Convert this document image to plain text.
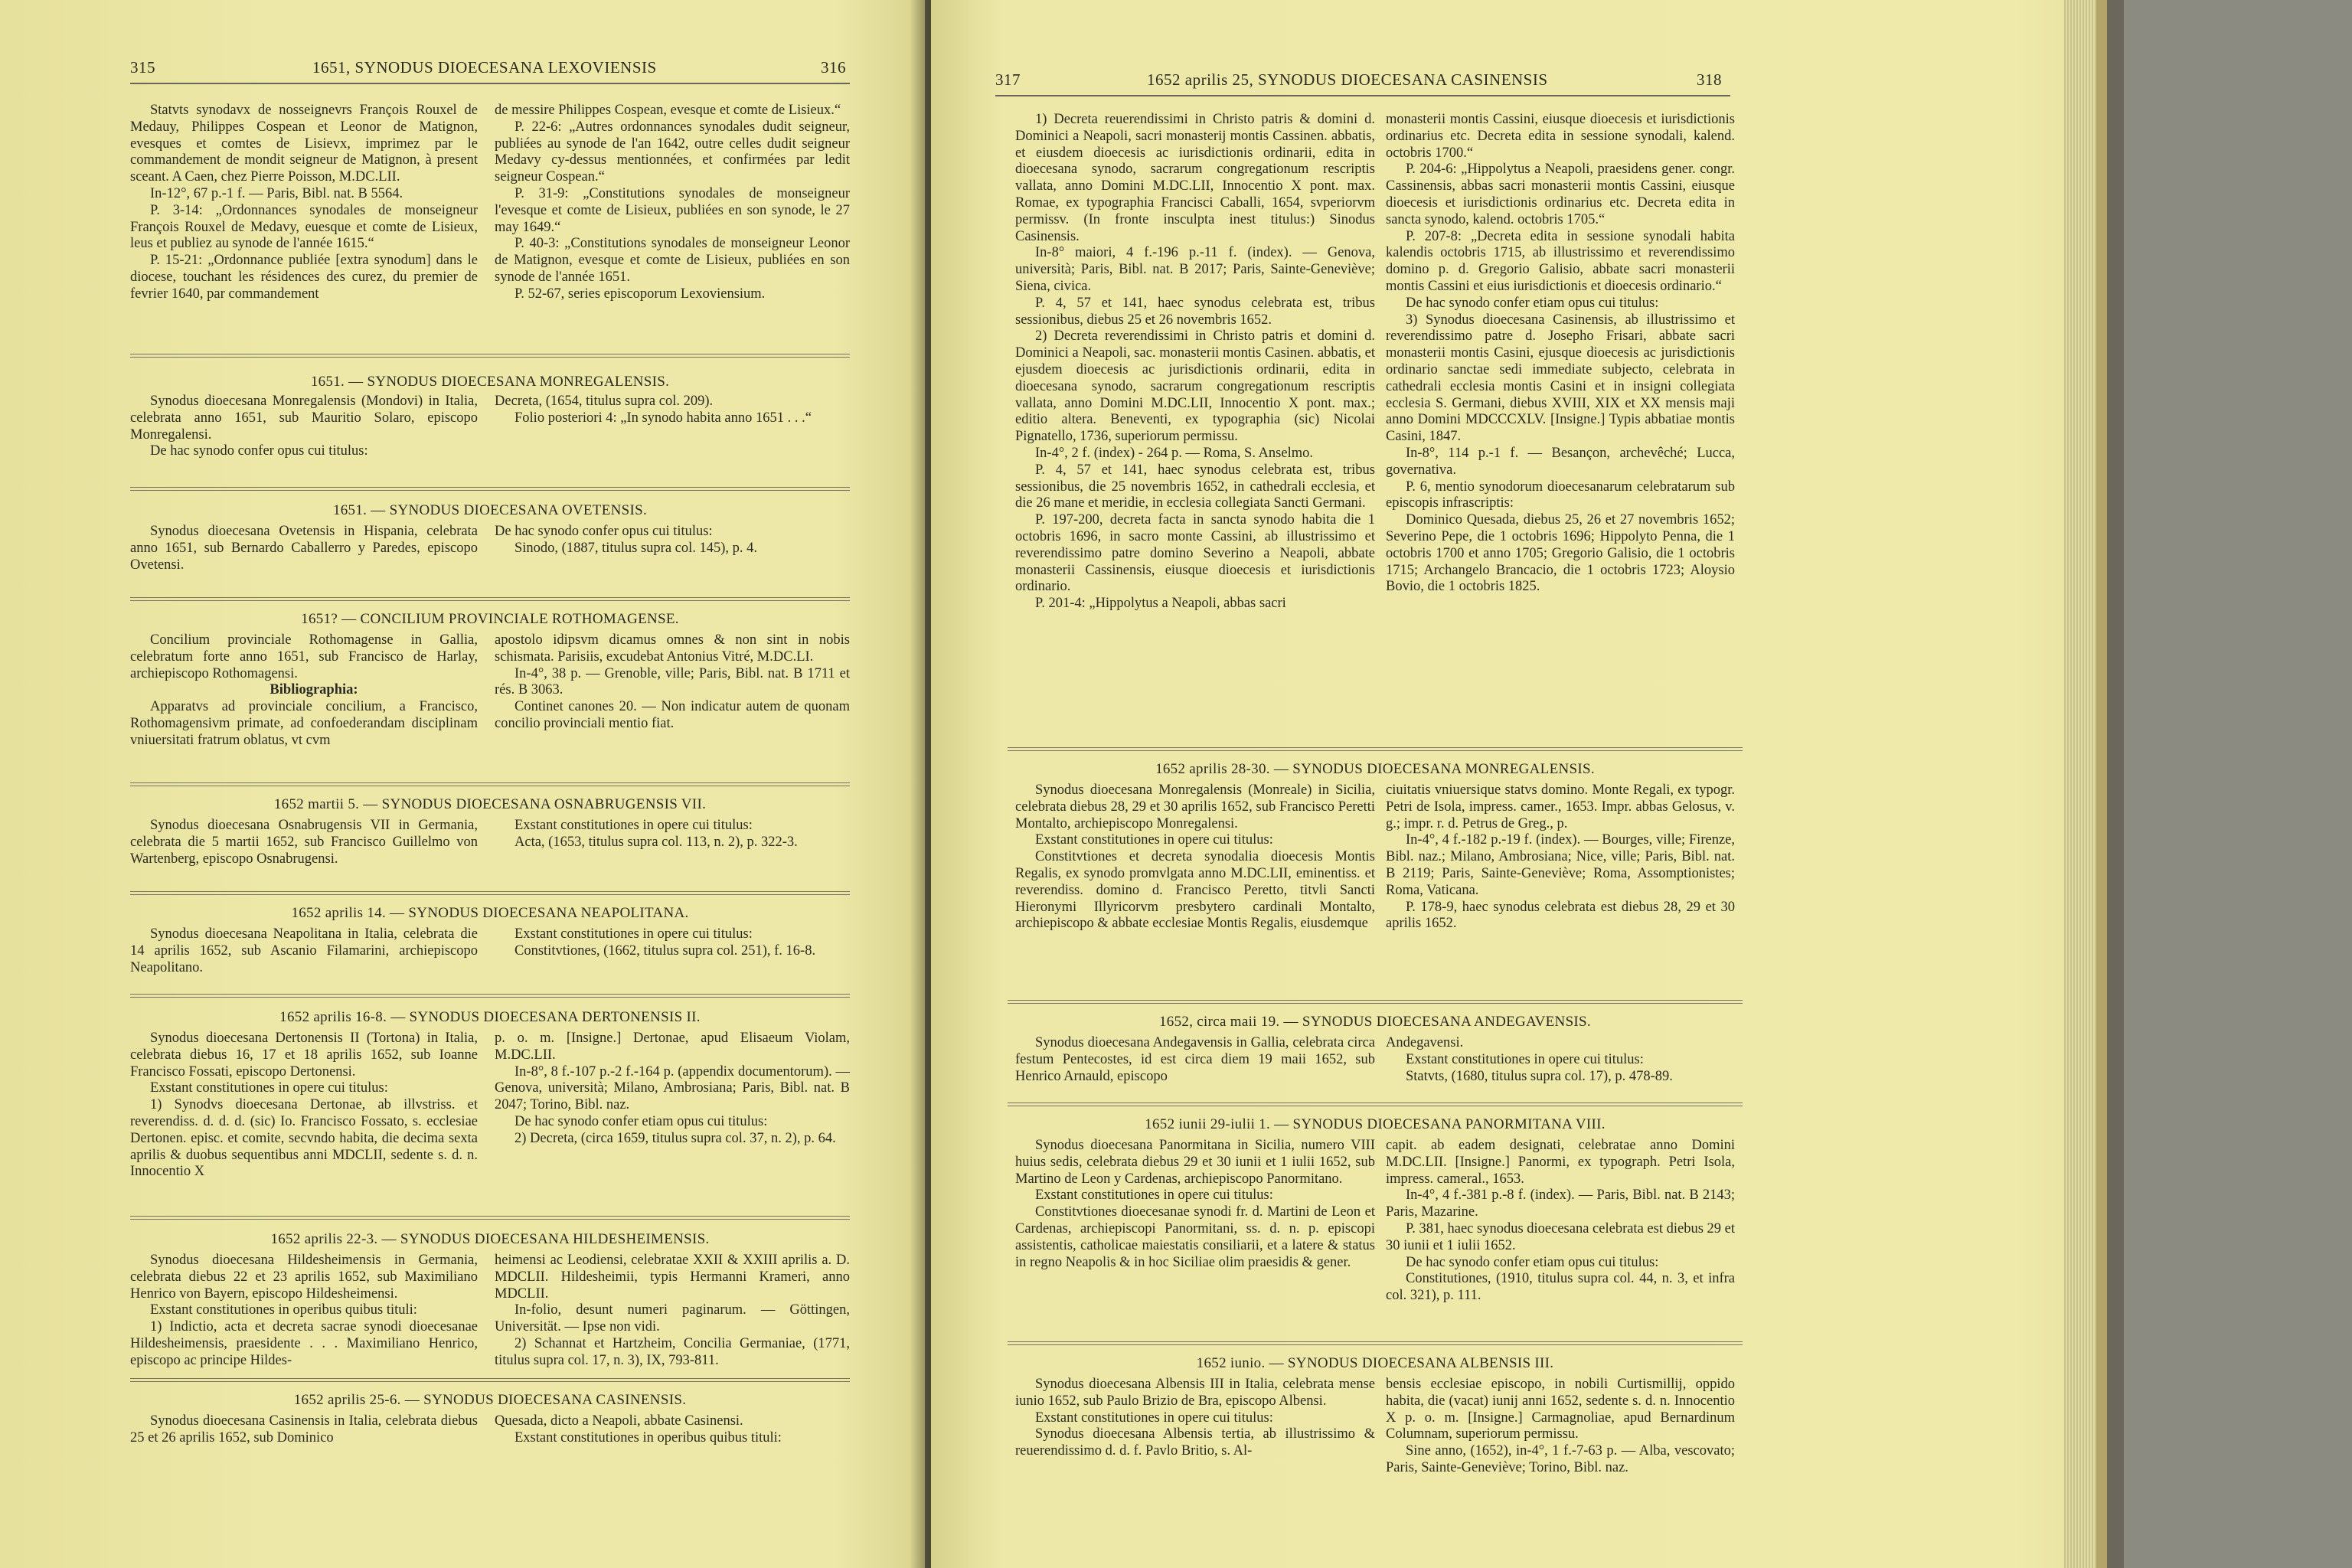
315	1651, SYNODUS DIOECESANA LEXOVIENSIS	316

Statvts synodavx de nosseignevrs François Rouxel de Medauy, Philippes Cospean et Leonor de Matignon, evesques et comtes de Lisievx, imprimez par le commandement de mondit seigneur de Matignon, à present sceant. A Caen, chez Pierre Poisson, M.DC.LII.

In-12°, 67 p.-1 f. — Paris, Bibl. nat. B 5564.

P. 3-14: „Ordonnances synodales de monseigneur François Rouxel de Medavy, euesque et comte de Lisieux, leus et publiez au synode de l'année 1615.“

P. 15-21: „Ordonnance publiée [extra synodum] dans le diocese, touchant les résidences des curez, du premier de fevrier 1640, par commandement

de messire Philippes Cospean, evesque et comte de Lisieux.“

P. 22-6: „Autres ordonnances synodales dudit seigneur, publiées au synode de l'an 1642, outre celles dudit seigneur Medavy cy-dessus mentionnées, et confirmées par ledit seigneur Cospean.“

P. 31-9: „Constitutions synodales de monseigneur l'evesque et comte de Lisieux, publiées en son synode, le 27 may 1649.“

P. 40-3: „Constitutions synodales de monseigneur Leonor de Matignon, evesque et comte de Lisieux, publiées en son synode de l'année 1651.

P. 52-67, series episcoporum Lexoviensium.

1651. — SYNODUS DIOECESANA MONREGALENSIS.

Synodus dioecesana Monregalensis (Mondovi) in Italia, celebrata anno 1651, sub Mauritio Solaro, episcopo Monregalensi.

De hac synodo confer opus cui titulus:

Decreta, (1654, titulus supra col. 209).

Folio posteriori 4: „In synodo habita anno 1651 . . .“

1651. — SYNODUS DIOECESANA OVETENSIS.

Synodus dioecesana Ovetensis in Hispania, celebrata anno 1651, sub Bernardo Caballerro y Paredes, episcopo Ovetensi.

De hac synodo confer opus cui titulus:

Sinodo, (1887, titulus supra col. 145), p. 4.

1651? — CONCILIUM PROVINCIALE ROTHOMAGENSE.

Concilium provinciale Rothomagense in Gallia, celebratum forte anno 1651, sub Francisco de Harlay, archiepiscopo Rothomagensi.

Bibliographia:

Apparatvs ad provinciale concilium, a Francisco, Rothomagensivm primate, ad confoederandam disciplinam vniuersitati fratrum oblatus, vt cvm

apostolo idipsvm dicamus omnes & non sint in nobis schismata. Parisiis, excudebat Antonius Vitré, M.DC.LI.

In-4°, 38 p. — Grenoble, ville; Paris, Bibl. nat. B 1711 et rés. B 3063.

Continet canones 20. — Non indicatur autem de quonam concilio provinciali mentio fiat.

1652 martii 5. — SYNODUS DIOECESANA OSNABRUGENSIS VII.

Synodus dioecesana Osnabrugensis VII in Germania, celebrata die 5 martii 1652, sub Francisco Guillelmo von Wartenberg, episcopo Osnabrugensi.

Exstant constitutiones in opere cui titulus:

Acta, (1653, titulus supra col. 113, n. 2), p. 322-3.

1652 aprilis 14. — SYNODUS DIOECESANA NEAPOLITANA.

Synodus dioecesana Neapolitana in Italia, celebrata die 14 aprilis 1652, sub Ascanio Filamarini, archiepiscopo Neapolitano.

Exstant constitutiones in opere cui titulus:

Constitvtiones, (1662, titulus supra col. 251), f. 16-8.

1652 aprilis 16-8. — SYNODUS DIOECESANA DERTONENSIS II.

Synodus dioecesana Dertonensis II (Tortona) in Italia, celebrata diebus 16, 17 et 18 aprilis 1652, sub Ioanne Francisco Fossati, episcopo Dertonensi.

Exstant constitutiones in opere cui titulus:

1) Synodvs dioecesana Dertonae, ab illvstriss. et reverendiss. d. d. d. (sic) Io. Francisco Fossato, s. ecclesiae Dertonen. episc. et comite, secvndo habita, die decima sexta aprilis & duobus sequentibus anni MDCLII, sedente s. d. n. Innocentio X

p. o. m. [Insigne.] Dertonae, apud Elisaeum Violam, M.DC.LII.

In-8°, 8 f.-107 p.-2 f.-164 p. (appendix documentorum). — Genova, università; Milano, Ambrosiana; Paris, Bibl. nat. B 2047; Torino, Bibl. naz.

De hac synodo confer etiam opus cui titulus:

2) Decreta, (circa 1659, titulus supra col. 37, n. 2), p. 64.

1652 aprilis 22-3. — SYNODUS DIOECESANA HILDESHEIMENSIS.

Synodus dioecesana Hildesheimensis in Germania, celebrata diebus 22 et 23 aprilis 1652, sub Maximiliano Henrico von Bayern, episcopo Hildesheimensi.

Exstant constitutiones in operibus quibus tituli:

1) Indictio, acta et decreta sacrae synodi dioecesanae Hildesheimensis, praesidente . . . Maximiliano Henrico, episcopo ac principe Hildes-

heimensi ac Leodiensi, celebratae XXII & XXIII aprilis a. D. MDCLII. Hildesheimii, typis Hermanni Krameri, anno MDCLII.

In-folio, desunt numeri paginarum. — Göttingen, Universität. — Ipse non vidi.

2) Schannat et Hartzheim, Concilia Germaniae, (1771, titulus supra col. 17, n. 3), IX, 793-811.

1652 aprilis 25-6. — SYNODUS DIOECESANA CASINENSIS.

Synodus dioecesana Casinensis in Italia, celebrata diebus 25 et 26 aprilis 1652, sub Dominico

Quesada, dicto a Neapoli, abbate Casinensi.

Exstant constitutiones in operibus quibus tituli:

317	1652 aprilis 25, SYNODUS DIOECESANA CASINENSIS	318

1) Decreta reuerendissimi in Christo patris & domini d. Dominici a Neapoli, sacri monasterij montis Cassinen. abbatis, et eiusdem dioecesis ac iurisdictionis ordinarii, edita in dioecesana synodo, sacrarum congregationum rescriptis vallata, anno Domini M.DC.LII, Innocentio X pont. max. Romae, ex typographia Francisci Caballi, 1654, svperiorvm permissv. (In fronte insculpta inest titulus:) Sinodus Casinensis.

In-8° maiori, 4 f.-196 p.-11 f. (index). — Genova, università; Paris, Bibl. nat. B 2017; Paris, Sainte-Geneviève; Siena, civica.

P. 4, 57 et 141, haec synodus celebrata est, tribus sessionibus, diebus 25 et 26 novembris 1652.

2) Decreta reverendissimi in Christo patris et domini d. Dominici a Neapoli, sac. monasterii montis Casinen. abbatis, et ejusdem dioecesis ac jurisdictionis ordinarii, edita in dioecesana synodo, sacrarum congregationum rescriptis vallata, anno Domini M.DC.LII, Innocentio X pont. max.; editio altera. Beneventi, ex typographia (sic) Nicolai Pignatello, 1736, superiorum permissu.

In-4°, 2 f. (index) - 264 p. — Roma, S. Anselmo.

P. 4, 57 et 141, haec synodus celebrata est, tribus sessionibus, die 25 novembris 1652, in cathedrali ecclesia, et die 26 mane et meridie, in ecclesia collegiata Sancti Germani.

P. 197-200, decreta facta in sancta synodo habita die 1 octobris 1696, in sacro monte Cassini, ab illustrissimo et reverendissimo patre domino Severino a Neapoli, abbate monasterii Cassinensis, eiusque dioecesis et iurisdictionis ordinario.

P. 201-4: „Hippolytus a Neapoli, abbas sacri

monasterii montis Cassini, eiusque dioecesis et iurisdictionis ordinarius etc. Decreta edita in sessione synodali, kalend. octobris 1700.“

P. 204-6: „Hippolytus a Neapoli, praesidens gener. congr. Cassinensis, abbas sacri monasterii montis Cassini, eiusque dioecesis et iurisdictionis ordinarius etc. Decreta edita in sancta synodo, kalend. octobris 1705.“

P. 207-8: „Decreta edita in sessione synodali habita kalendis octobris 1715, ab illustrissimo et reverendissimo domino p. d. Gregorio Galisio, abbate sacri monasterii montis Cassini et eius iurisdictionis et dioecesis ordinario.“

De hac synodo confer etiam opus cui titulus:

3) Synodus dioecesana Casinensis, ab illustrissimo et reverendissimo patre d. Josepho Frisari, abbate sacri monasterii montis Casini, ejusque dioecesis ac jurisdictionis ordinario sanctae sedi immediate subjecto, celebrata in cathedrali ecclesia montis Casini et in insigni collegiata ecclesia S. Germani, diebus XVIII, XIX et XX mensis maji anno Domini MDCCCXLV. [Insigne.] Typis abbatiae montis Casini, 1847.

In-8°, 114 p.-1 f. — Besançon, archevêché; Lucca, governativa.

P. 6, mentio synodorum dioecesanarum celebratarum sub episcopis infrascriptis:

Dominico Quesada, diebus 25, 26 et 27 novembris 1652; Severino Pepe, die 1 octobris 1696; Hippolyto Penna, die 1 octobris 1700 et anno 1705; Gregorio Galisio, die 1 octobris 1715; Archangelo Brancacio, die 1 octobris 1723; Aloysio Bovio, die 1 octobris 1825.

1652 aprilis 28-30. — SYNODUS DIOECESANA MONREGALENSIS.

Synodus dioecesana Monregalensis (Monreale) in Sicilia, celebrata diebus 28, 29 et 30 aprilis 1652, sub Francisco Peretti Montalto, archiepiscopo Monregalensi.

Exstant constitutiones in opere cui titulus:

Constitvtiones et decreta synodalia dioecesis Montis Regalis, ex synodo promvlgata anno M.DC.LII, eminentiss. et reverendiss. domino d. Francisco Peretto, titvli Sancti Hieronymi Illyricorvm presbytero cardinali Montalto, archiepiscopo & abbate ecclesiae Montis Regalis, eiusdemque

ciuitatis vniuersique statvs domino. Monte Regali, ex typogr. Petri de Isola, impress. camer., 1653. Impr. abbas Gelosus, v. g.; impr. r. d. Petrus de Greg., p.

In-4°, 4 f.-182 p.-19 f. (index). — Bourges, ville; Firenze, Bibl. naz.; Milano, Ambrosiana; Nice, ville; Paris, Bibl. nat. B 2119; Paris, Sainte-Geneviève; Roma, Assomptionistes; Roma, Vaticana.

P. 178-9, haec synodus celebrata est diebus 28, 29 et 30 aprilis 1652.

1652, circa maii 19. — SYNODUS DIOECESANA ANDEGAVENSIS.

Synodus dioecesana Andegavensis in Gallia, celebrata circa festum Pentecostes, id est circa diem 19 maii 1652, sub Henrico Arnauld, episcopo

Andegavensi.

Exstant constitutiones in opere cui titulus:

Statvts, (1680, titulus supra col. 17), p. 478-89.

1652 iunii 29-iulii 1. — SYNODUS DIOECESANA PANORMITANA VIII.

Synodus dioecesana Panormitana in Sicilia, numero VIII huius sedis, celebrata diebus 29 et 30 iunii et 1 iulii 1652, sub Martino de Leon y Cardenas, archiepiscopo Panormitano.

Exstant constitutiones in opere cui titulus:

Constitvtiones dioecesanae synodi fr. d. Martini de Leon et Cardenas, archiepiscopi Panormitani, ss. d. n. p. episcopi assistentis, catholicae maiestatis consiliarii, et a latere & status in regno Neapolis & in hoc Siciliae olim praesidis & gener.

capit. ab eadem designati, celebratae anno Domini M.DC.LII. [Insigne.] Panormi, ex typograph. Petri Isola, impress. cameral., 1653.

In-4°, 4 f.-381 p.-8 f. (index). — Paris, Bibl. nat. B 2143; Paris, Mazarine.

P. 381, haec synodus dioecesana celebrata est diebus 29 et 30 iunii et 1 iulii 1652.

De hac synodo confer etiam opus cui titulus:

Constitutiones, (1910, titulus supra col. 44, n. 3, et infra col. 321), p. 111.

1652 iunio. — SYNODUS DIOECESANA ALBENSIS III.

Synodus dioecesana Albensis III in Italia, celebrata mense iunio 1652, sub Paulo Brizio de Bra, episcopo Albensi.

Exstant constitutiones in opere cui titulus:

Synodus dioecesana Albensis tertia, ab illustrissimo & reuerendissimo d. d. f. Pavlo Britio, s. Al-

bensis ecclesiae episcopo, in nobili Curtismillij, oppido habita, die (vacat) iunij anni 1652, sedente s. d. n. Innocentio X p. o. m. [Insigne.] Carmagnoliae, apud Bernardinum Columnam, superiorum permissu.

Sine anno, (1652), in-4°, 1 f.-7-63 p. — Alba, vescovato; Paris, Sainte-Geneviève; Torino, Bibl. naz.
